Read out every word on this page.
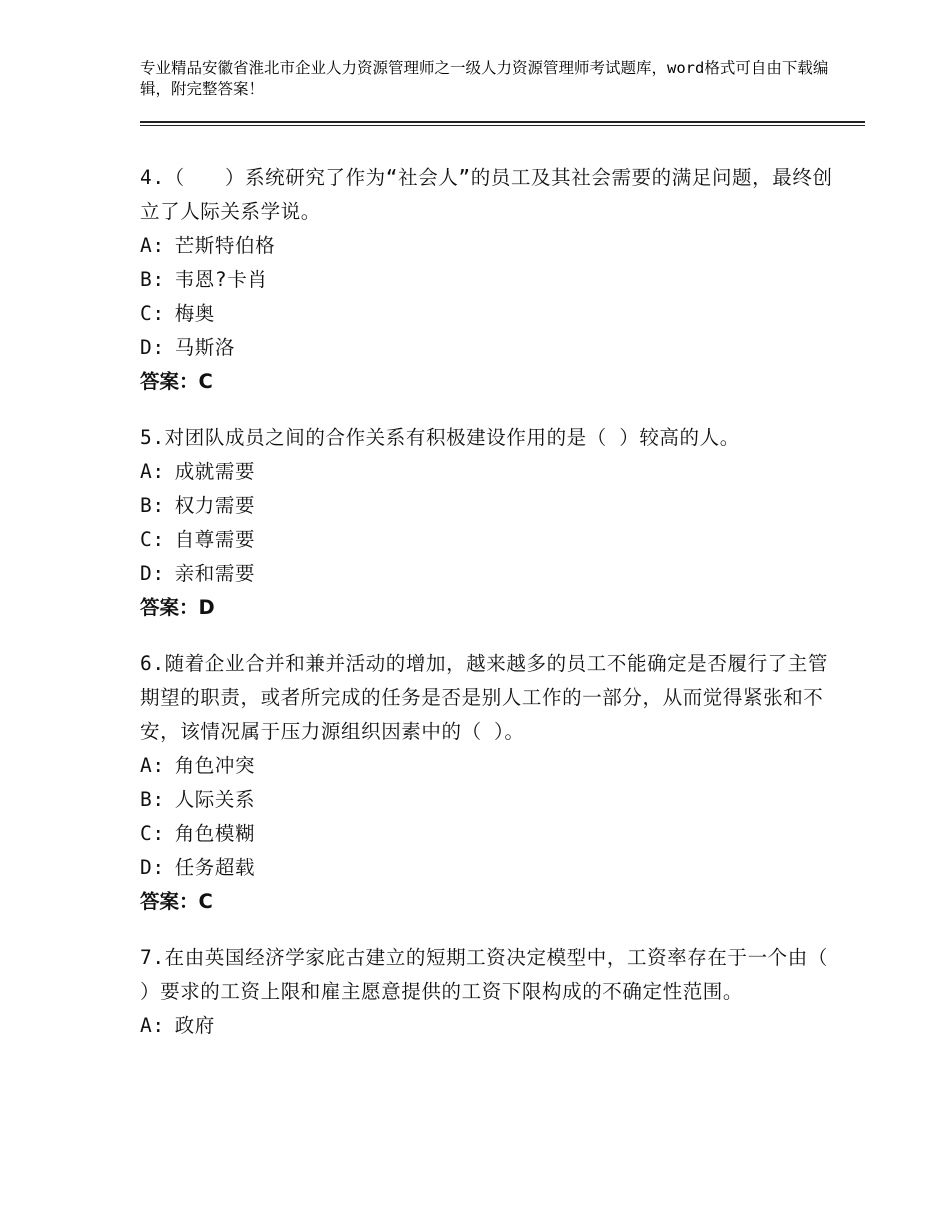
专业精品安徽省淮北市企业人力资源管理师之一级人力资源管理师考试题库，word格式可自由下载编辑，附完整答案！
4.（　　）系统研究了作为“社会人”的员工及其社会需要的满足问题，最终创立了人际关系学说。
A: 芒斯特伯格
B: 韦恩?卡肖
C: 梅奥
D: 马斯洛
答案：C
5.对团队成员之间的合作关系有积极建设作用的是（ ）较高的人。
A: 成就需要
B: 权力需要
C: 自尊需要
D: 亲和需要
答案：D
6.随着企业合并和兼并活动的增加，越来越多的员工不能确定是否履行了主管期望的职责，或者所完成的任务是否是别人工作的一部分，从而觉得紧张和不安，该情况属于压力源组织因素中的（ ）。
A: 角色冲突
B: 人际关系
C: 角色模糊
D: 任务超载
答案：C
7.在由英国经济学家庇古建立的短期工资决定模型中，工资率存在于一个由（ ）要求的工资上限和雇主愿意提供的工资下限构成的不确定性范围。
A: 政府
